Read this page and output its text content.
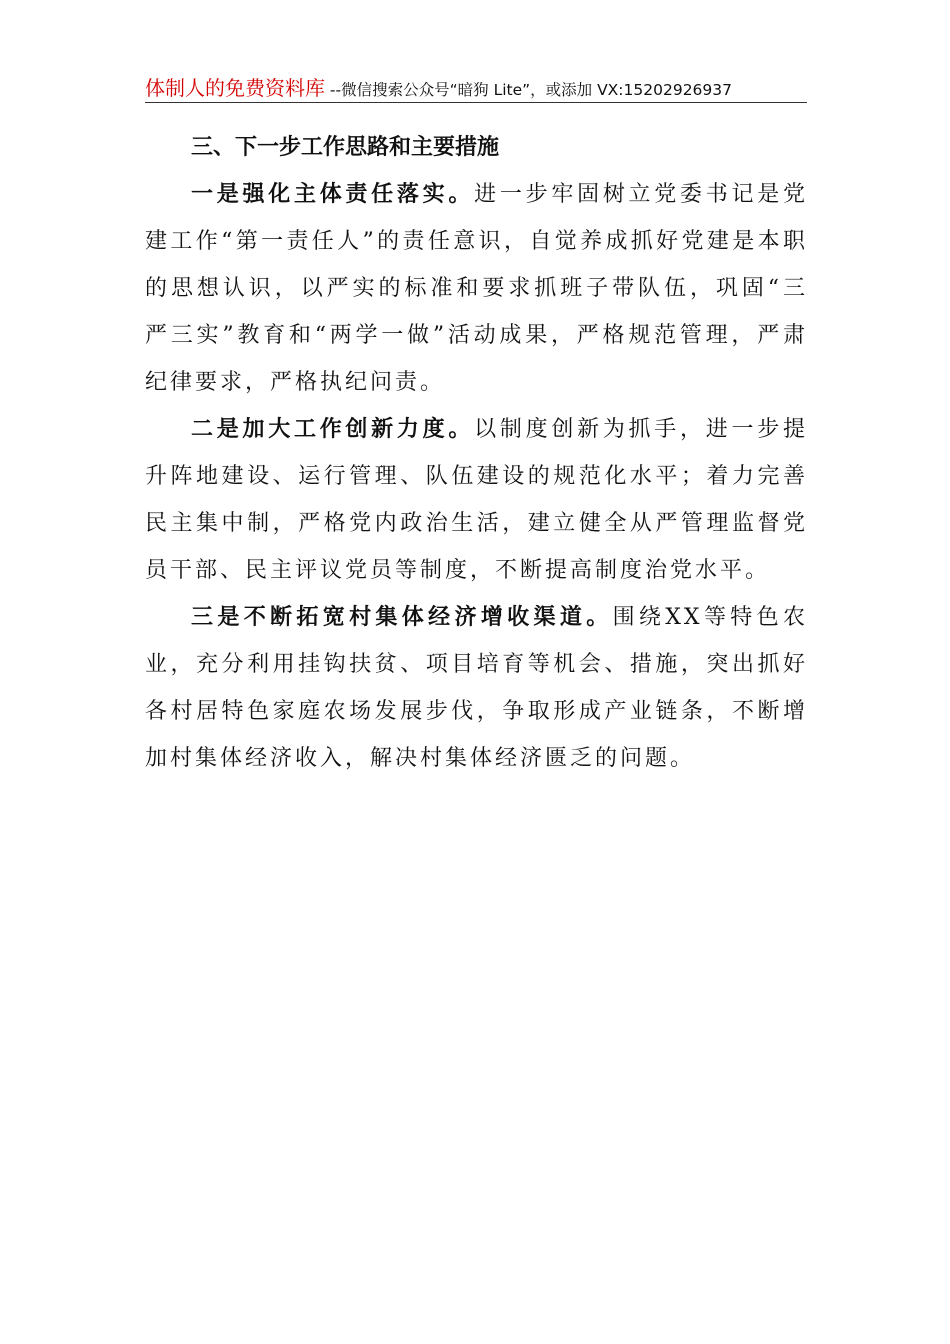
体制人的免费资料库 --微信搜索公众号“暗狗 Lite”，或添加 VX:15202926937
三、下一步工作思路和主要措施

一是强化主体责任落实。进一步牢固树立党委书记是党建工作“第一责任人”的责任意识，自觉养成抓好党建是本职的思想认识，以严实的标准和要求抓班子带队伍，巩固“三严三实”教育和“两学一做”活动成果，严格规范管理，严肃纪律要求，严格执纪问责。

二是加大工作创新力度。以制度创新为抓手，进一步提升阵地建设、运行管理、队伍建设的规范化水平；着力完善民主集中制，严格党内政治生活，建立健全从严管理监督党员干部、民主评议党员等制度，不断提高制度治党水平。

三是不断拓宽村集体经济增收渠道。围绕XX等特色农业，充分利用挂钩扶贫、项目培育等机会、措施，突出抓好各村居特色家庭农场发展步伐，争取形成产业链条，不断增加村集体经济收入，解决村集体经济匮乏的问题。
